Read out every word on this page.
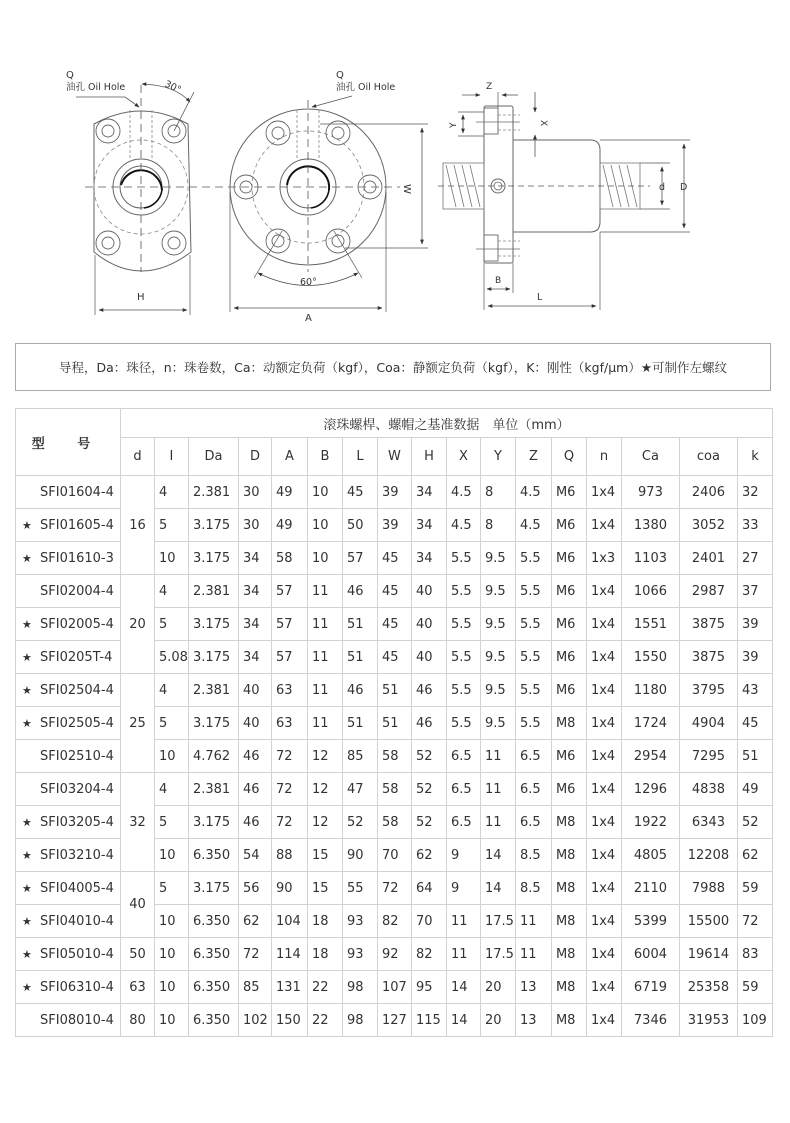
Q
油孔 Oil Hole	30°
H
Q
油孔 Oil Hole
60°
A
W
Z
Y	X
d D
B
L
导程，Da：珠径，n：珠卷数，Ca：动额定负荷（kgf），Coa：静额定负荷（kgf），K：刚性（kgf/μm）★可制作左螺纹
型 号	滚珠螺桿、螺帽之基准数据　单位（mm）																
	d	I	Da	D	A	B	L	W	H	X	Y	Z	Q	n	Ca	coa	k
SFI01604-4	16	4	2.381	30	49	10	45	39	34	4.5	8	4.5	M6	1x4	973	2406	32
★ SFI01605-4		5	3.175	30	49	10	50	39	34	4.5	8	4.5	M6	1x4	1380	3052	33
★ SFI01610-3		10	3.175	34	58	10	57	45	34	5.5	9.5	5.5	M6	1x3	1103	2401	27
SFI02004-4	20	4	2.381	34	57	11	46	45	40	5.5	9.5	5.5	M6	1x4	1066	2987	37
★ SFI02005-4		5	3.175	34	57	11	51	45	40	5.5	9.5	5.5	M6	1x4	1551	3875	39
★ SFI0205T-4		5.08	3.175	34	57	11	51	45	40	5.5	9.5	5.5	M6	1x4	1550	3875	39
★ SFI02504-4	25	4	2.381	40	63	11	46	51	46	5.5	9.5	5.5	M6	1x4	1180	3795	43
★ SFI02505-4		5	3.175	40	63	11	51	51	46	5.5	9.5	5.5	M8	1x4	1724	4904	45
SFI02510-4		10	4.762	46	72	12	85	58	52	6.5	11	6.5	M6	1x4	2954	7295	51
SFI03204-4	32	4	2.381	46	72	12	47	58	52	6.5	11	6.5	M6	1x4	1296	4838	49
★ SFI03205-4		5	3.175	46	72	12	52	58	52	6.5	11	6.5	M8	1x4	1922	6343	52
★ SFI03210-4		10	6.350	54	88	15	90	70	62	9	14	8.5	M8	1x4	4805	12208	62
★ SFI04005-4	40	5	3.175	56	90	15	55	72	64	9	14	8.5	M8	1x4	2110	7988	59
★ SFI04010-4		10	6.350	62	104	18	93	82	70	11	17.5	11	M8	1x4	5399	15500	72
★ SFI05010-4	50	10	6.350	72	114	18	93	92	82	11	17.5	11	M8	1x4	6004	19614	83
★ SFI06310-4	63	10	6.350	85	131	22	98	107	95	14	20	13	M8	1x4	6719	25358	59
SFI08010-4	80	10	6.350	102	150	22	98	127	115	14	20	13	M8	1x4	7346	31953	109
